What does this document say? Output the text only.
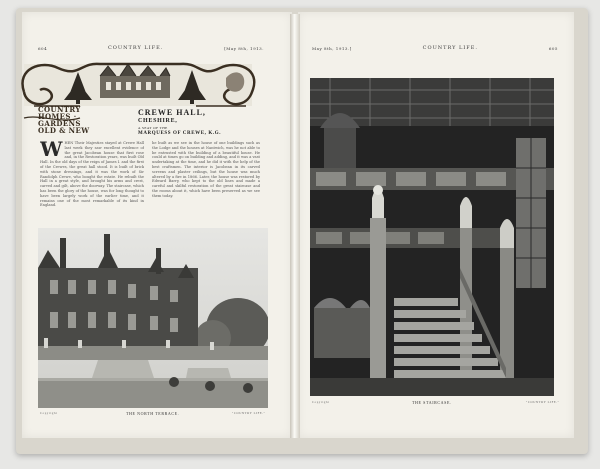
604	COUNTRY LIFE.	[May 8th, 1913.	May 8th, 1913.]	COUNTRY LIFE.	605
COUNTRY
HOMES ·
GARDENS
OLD & NEW
CREWE HALL,
CHESHIRE,
A SEAT OF THE
MARQUESS OF CREWE, K.G.
W HEN Their Majesties stayed at Crewe Hall last week they saw excellent evidence of the great Jacobean house that first rose and, in the Restoration years, was built Old Hall. In the old days of the reign of James I. and the first of the Crewes, the great hall stood. It is built of brick with stone dressings, and it was the work of Sir Randolph Crewe, who bought the estate. He rebuilt the Hall in a great style, and brought his arms and crest, carved and gilt, above the doorway. The staircase, which has been the glory of the house, was for long thought to have been largely work of the earlier time, and it remains one of the most remarkable of its kind in England.
he built as we see in the house of one buildings such as the Lodge and the houses at Nantwich, was he not able to be entrusted with the building of a beautiful house. He could at times go on building and adding, and it was a vast undertaking at the time, and he did it with the help of the best craftsmen. The interior is Jacobean in its carved screens and plaster ceilings, but the house was much altered by a fire in 1866. Later, the house was restored by Edward Barry, who kept to the old lines and made a careful and skilful restoration of the great staircase and the rooms about it, which have been preserved as we see them today.
Copyright	THE NORTH TERRACE.	"COUNTRY LIFE."
Copyright	THE STAIRCASE.	"COUNTRY LIFE."
